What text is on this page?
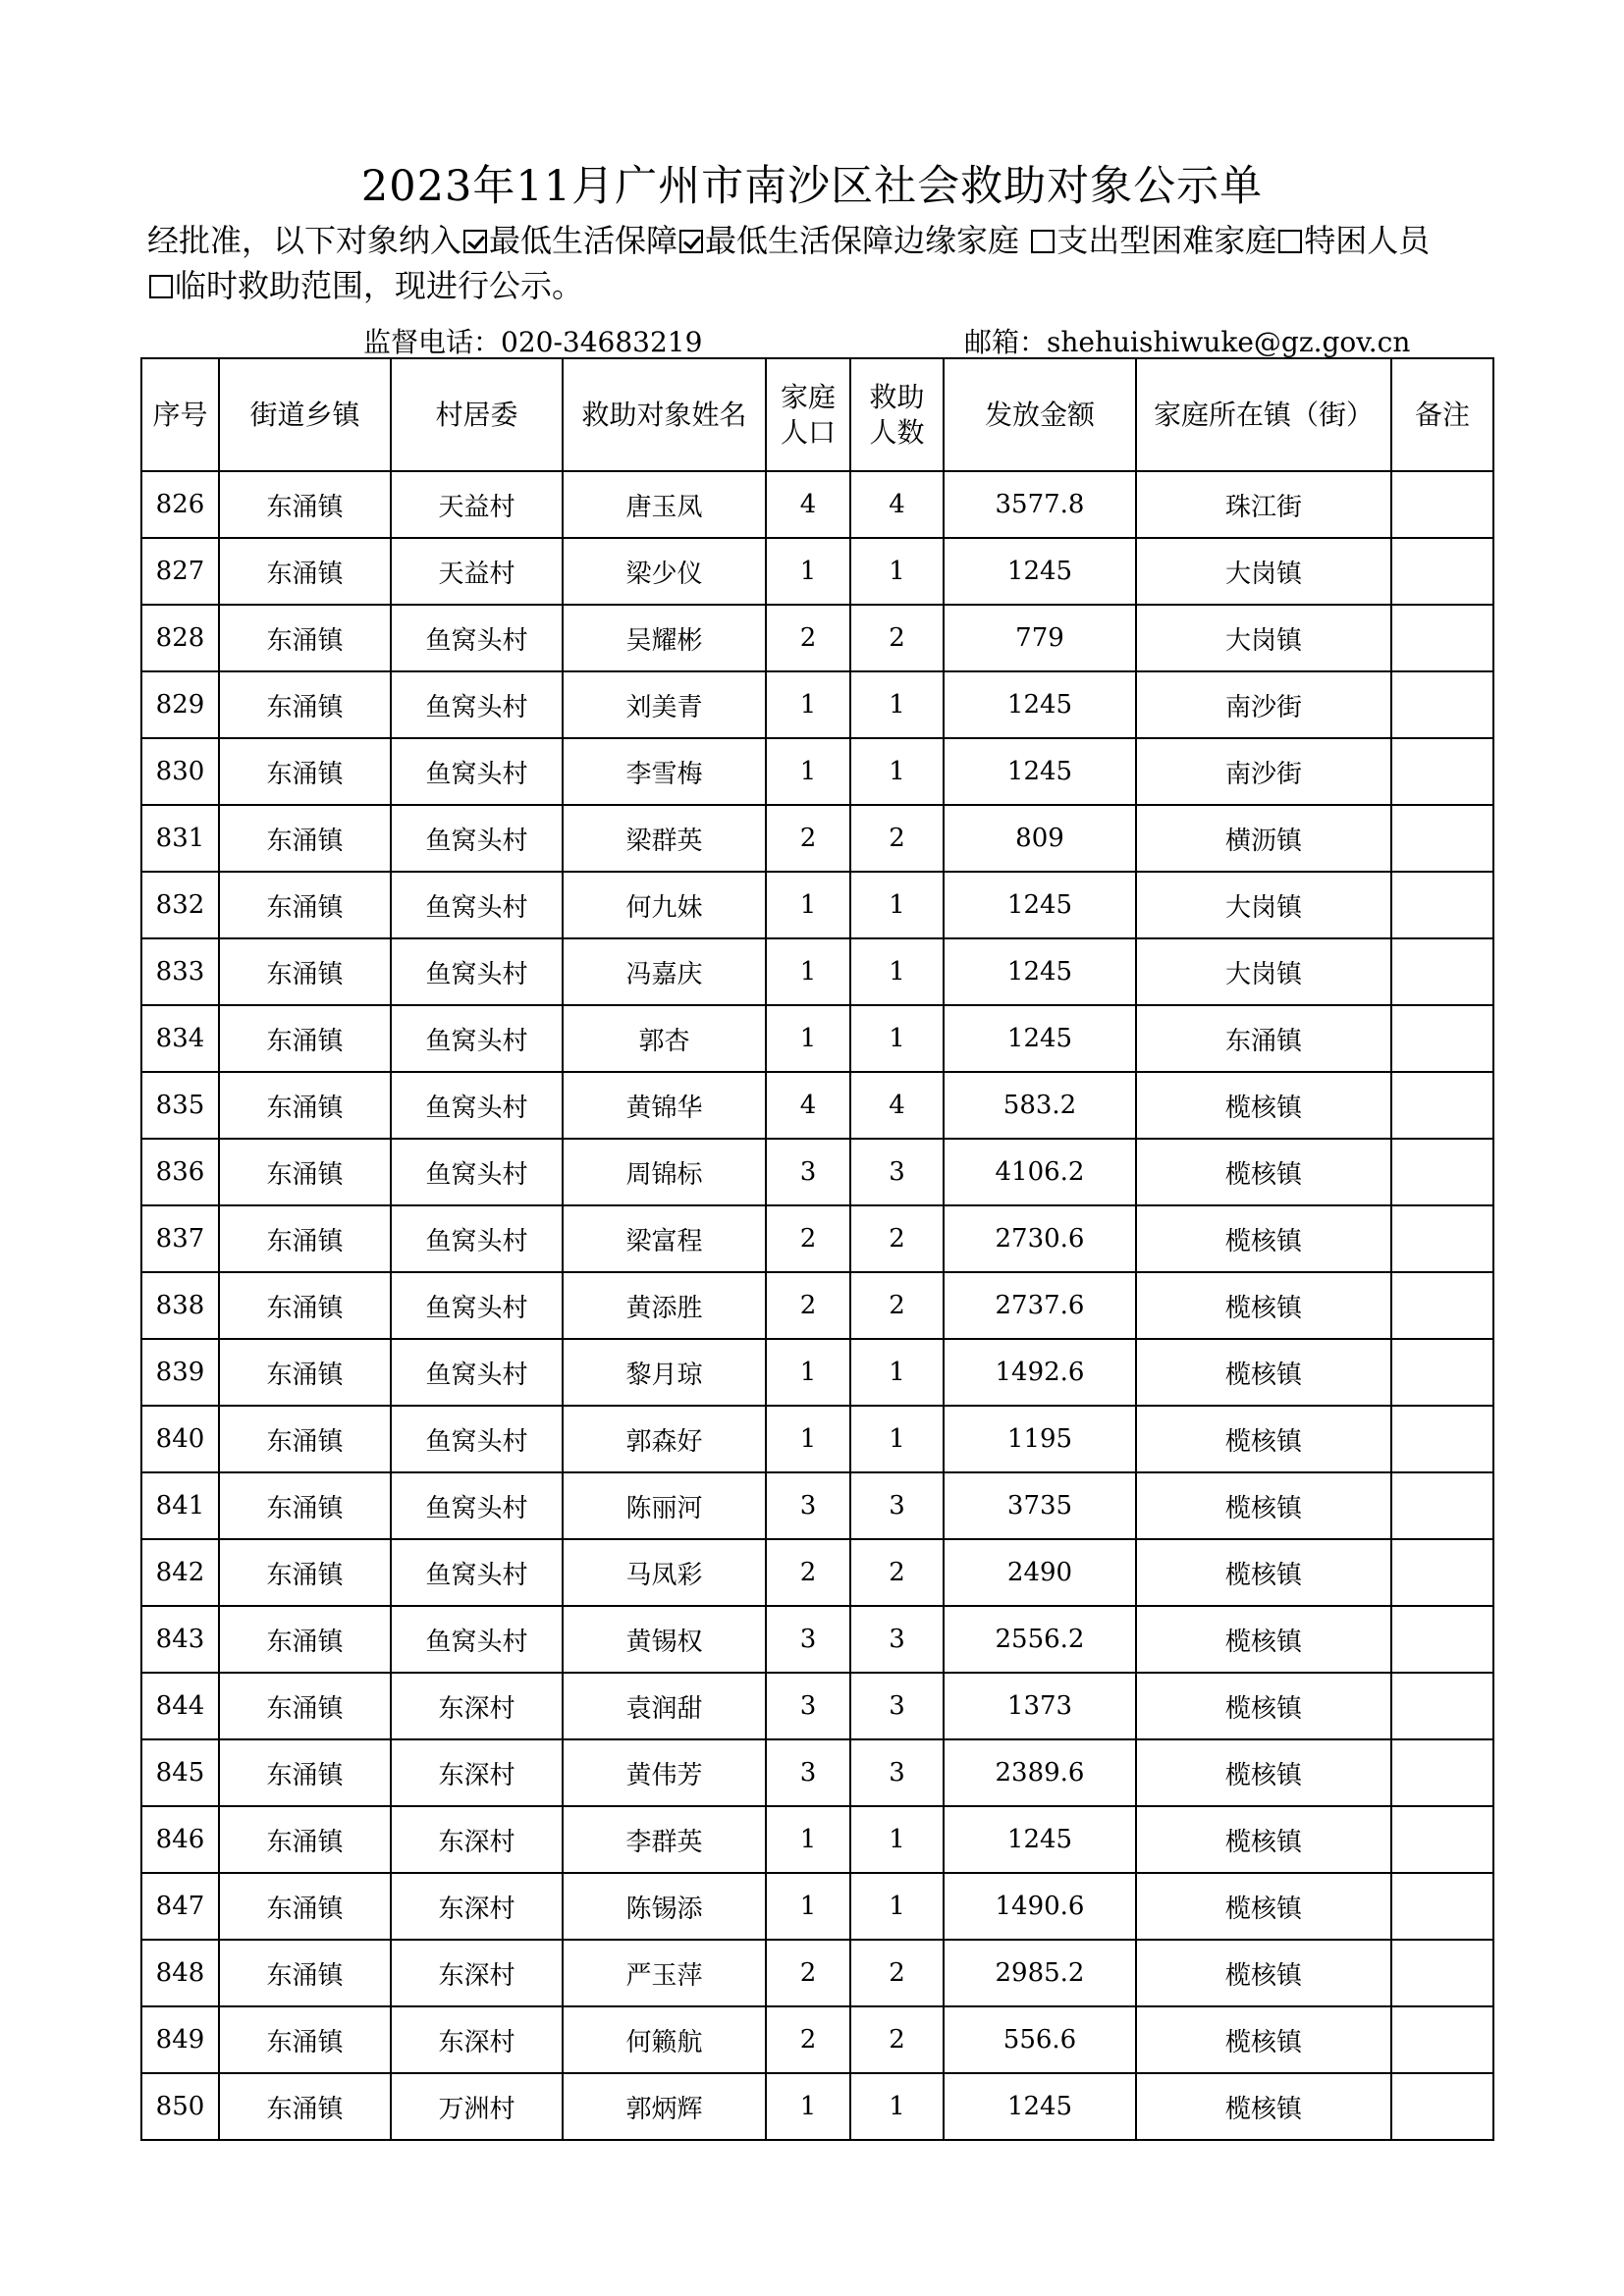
2023年11月广州市南沙区社会救助对象公示单
经批准，以下对象纳入 最低生活保障 最低生活保障边缘家庭 支出型困难家庭 特困人员
临时救助范围，现进行公示。
监督电话：020-34683219	邮箱：shehuishiwuke@gz.gov.cn
序号	街道乡镇	村居委	救助对象姓名	家庭人口	救助人数	发放金额	家庭所在镇（街）	备注
826	东涌镇	天益村	唐玉凤	4	4	3577.8	珠江街	
827	东涌镇	天益村	梁少仪	1	1	1245	大岗镇	
828	东涌镇	鱼窝头村	吴耀彬	2	2	779	大岗镇	
829	东涌镇	鱼窝头村	刘美青	1	1	1245	南沙街	
830	东涌镇	鱼窝头村	李雪梅	1	1	1245	南沙街	
831	东涌镇	鱼窝头村	梁群英	2	2	809	横沥镇	
832	东涌镇	鱼窝头村	何九妹	1	1	1245	大岗镇	
833	东涌镇	鱼窝头村	冯嘉庆	1	1	1245	大岗镇	
834	东涌镇	鱼窝头村	郭杏	1	1	1245	东涌镇	
835	东涌镇	鱼窝头村	黄锦华	4	4	583.2	榄核镇	
836	东涌镇	鱼窝头村	周锦标	3	3	4106.2	榄核镇	
837	东涌镇	鱼窝头村	梁富程	2	2	2730.6	榄核镇	
838	东涌镇	鱼窝头村	黄添胜	2	2	2737.6	榄核镇	
839	东涌镇	鱼窝头村	黎月琼	1	1	1492.6	榄核镇	
840	东涌镇	鱼窝头村	郭森好	1	1	1195	榄核镇	
841	东涌镇	鱼窝头村	陈丽河	3	3	3735	榄核镇	
842	东涌镇	鱼窝头村	马凤彩	2	2	2490	榄核镇	
843	东涌镇	鱼窝头村	黄锡权	3	3	2556.2	榄核镇	
844	东涌镇	东深村	袁润甜	3	3	1373	榄核镇	
845	东涌镇	东深村	黄伟芳	3	3	2389.6	榄核镇	
846	东涌镇	东深村	李群英	1	1	1245	榄核镇	
847	东涌镇	东深村	陈锡添	1	1	1490.6	榄核镇	
848	东涌镇	东深村	严玉萍	2	2	2985.2	榄核镇	
849	东涌镇	东深村	何籁航	2	2	556.6	榄核镇	
850	东涌镇	万洲村	郭炳辉	1	1	1245	榄核镇	
